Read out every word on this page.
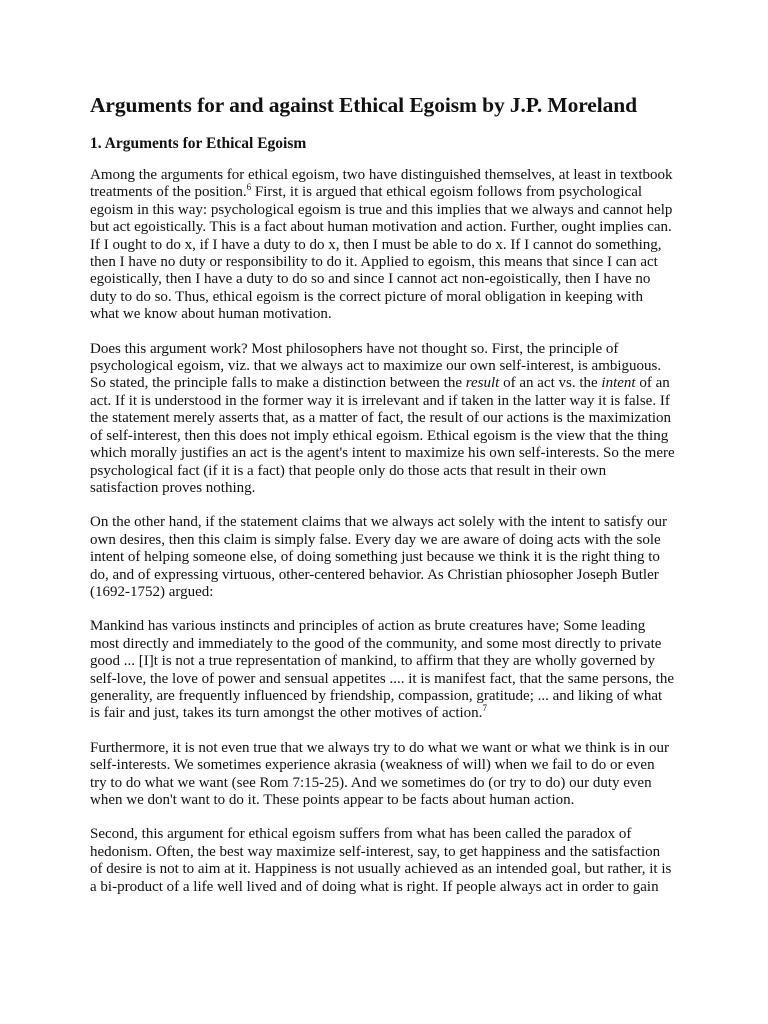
Arguments for and against Ethical Egoism by J.P. Moreland
1. Arguments for Ethical Egoism

Among the arguments for ethical egoism, two have distinguished themselves, at least in textbook
treatments of the position.$^6$ First, it is argued that ethical egoism follows from psychological
egoism in this way: psychological egoism is true and this implies that we always and cannot help
but act egoistically. This is a fact about human motivation and action. Further, ought implies can.
If I ought to do x, if I have a duty to do x, then I must be able to do x. If I cannot do something,
then I have no duty or responsibility to do it. Applied to egoism, this means that since I can act
egoistically, then I have a duty to do so and since I cannot act non-egoistically, then I have no
duty to do so. Thus, ethical egoism is the correct picture of moral obligation in keeping with
what we know about human motivation.

Does this argument work? Most philosophers have not thought so. First, the principle of
psychological egoism, viz. that we always act to maximize our own self-interest, is ambiguous.
So stated, the principle falls to make a distinction between the result of an act vs. the intent of an
act. If it is understood in the former way it is irrelevant and if taken in the latter way it is false. If
the statement merely asserts that, as a matter of fact, the result of our actions is the maximization
of self-interest, then this does not imply ethical egoism. Ethical egoism is the view that the thing
which morally justifies an act is the agent's intent to maximize his own self-interests. So the mere
psychological fact (if it is a fact) that people only do those acts that result in their own
satisfaction proves nothing.

On the other hand, if the statement claims that we always act solely with the intent to satisfy our
own desires, then this claim is simply false. Every day we are aware of doing acts with the sole
intent of helping someone else, of doing something just because we think it is the right thing to
do, and of expressing virtuous, other-centered behavior. As Christian phiosopher Joseph Butler
(1692-1752) argued:

Mankind has various instincts and principles of action as brute creatures have; Some leading
most directly and immediately to the good of the community, and some most directly to private
good ... [I]t is not a true representation of mankind, to affirm that they are wholly governed by
self-love, the love of power and sensual appetites .... it is manifest fact, that the same persons, the
generality, are frequently influenced by friendship, compassion, gratitude; ... and liking of what
is fair and just, takes its turn amongst the other motives of action.$^7$

Furthermore, it is not even true that we always try to do what we want or what we think is in our
self-interests. We sometimes experience akrasia (weakness of will) when we fail to do or even
try to do what we want (see Rom 7:15-25). And we sometimes do (or try to do) our duty even
when we don't want to do it. These points appear to be facts about human action.

Second, this argument for ethical egoism suffers from what has been called the paradox of
hedonism. Often, the best way maximize self-interest, say, to get happiness and the satisfaction
of desire is not to aim at it. Happiness is not usually achieved as an intended goal, but rather, it is
a bi-product of a life well lived and of doing what is right. If people always act in order to gain
